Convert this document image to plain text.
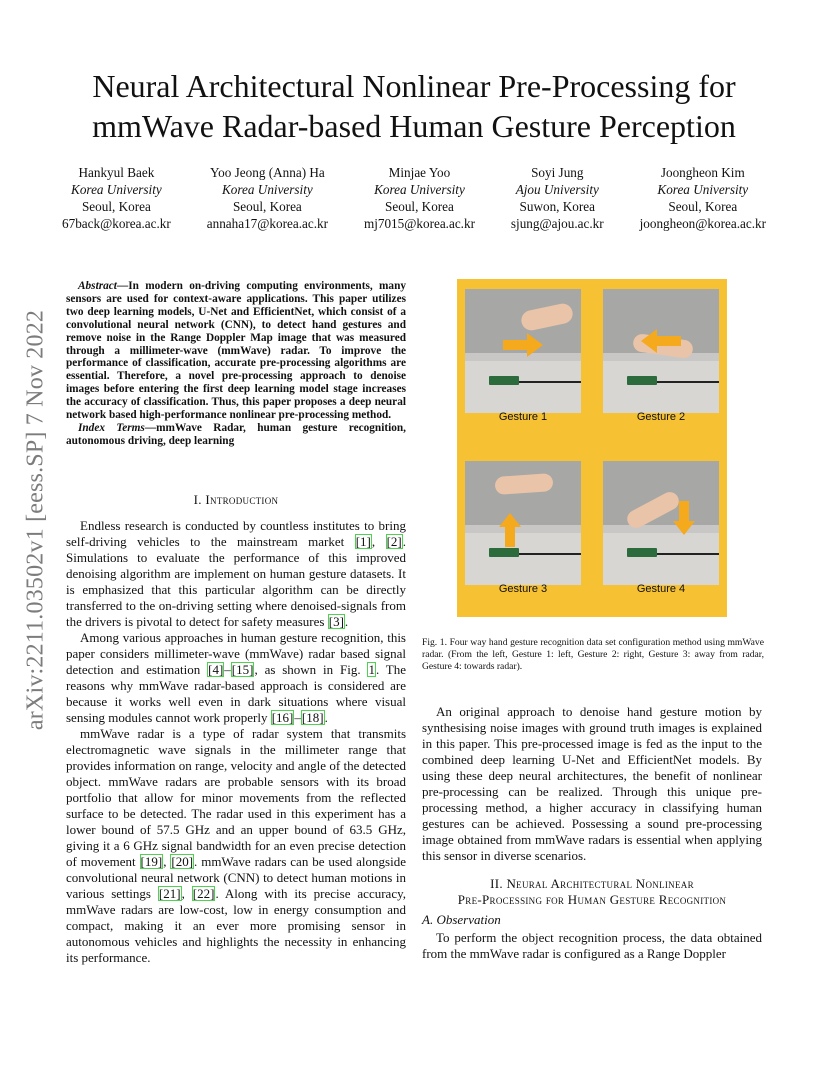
arXiv:2211.03502v1 [eess.SP] 7 Nov 2022
Neural Architectural Nonlinear Pre-Processing for
mmWave Radar-based Human Gesture Perception
Hankyul Baek
Korea University
Seoul, Korea
67back@korea.ac.kr
Yoo Jeong (Anna) Ha
Korea University
Seoul, Korea
annaha17@korea.ac.kr
Minjae Yoo
Korea University
Seoul, Korea
mj7015@korea.ac.kr
Soyi Jung
Ajou University
Suwon, Korea
sjung@ajou.ac.kr
Joongheon Kim
Korea University
Seoul, Korea
joongheon@korea.ac.kr

Abstract—In modern on-driving computing environments, many sensors are used for context-aware applications. This paper utilizes two deep learning models, U-Net and EfficientNet, which consist of a convolutional neural network (CNN), to detect hand gestures and remove noise in the Range Doppler Map image that was measured through a millimeter-wave (mmWave) radar. To improve the performance of classification, accurate pre-processing algorithms are essential. Therefore, a novel pre-processing approach to denoise images before entering the first deep learning model stage increases the accuracy of classification. Thus, this paper proposes a deep neural network based high-performance nonlinear pre-processing method.

Index Terms—mmWave Radar, human gesture recognition, autonomous driving, deep learning

I. Introduction

Endless research is conducted by countless institutes to bring self-driving vehicles to the mainstream market [1], [2]. Simulations to evaluate the performance of this improved denoising algorithm are implement on human gesture datasets. It is emphasized that this particular algorithm can be directly transferred to the on-driving setting where denoised-signals from the drivers is pivotal to detect for safety measures [3].

Among various approaches in human gesture recognition, this paper considers millimeter-wave (mmWave) radar based signal detection and estimation [4]–[15], as shown in Fig. 1. The reasons why mmWave radar-based approach is considered are because it works well even in dark situations where visual sensing modules cannot work properly [16]–[18].

mmWave radar is a type of radar system that transmits electromagnetic wave signals in the millimeter range that provides information on range, velocity and angle of the detected object. mmWave radars are probable sensors with its broad portfolio that allow for minor movements from the reflected surface to be detected. The radar used in this experiment has a lower bound of 57.5 GHz and an upper bound of 63.5 GHz, giving it a 6 GHz signal bandwidth for an even precise detection of movement [19], [20]. mmWave radars can be used alongside convolutional neural network (CNN) to detect human motions in various settings [21], [22]. Along with its precise accuracy, mmWave radars are low-cost, low in energy consumption and compact, making it an ever more promising sensor in autonomous vehicles and highlights the necessity in enhancing its performance.

Gesture 1	Gesture 2
Gesture 3	Gesture 4
Fig. 1. Four way hand gesture recognition data set configuration method using mmWave radar. (From the left, Gesture 1: left, Gesture 2: right, Gesture 3: away from radar, Gesture 4: towards radar).

An original approach to denoise hand gesture motion by synthesising noise images with ground truth images is explained in this paper. This pre-processed image is fed as the input to the combined deep learning U-Net and EfficientNet models. By using these deep neural architectures, the benefit of nonlinear pre-processing can be realized. Through this unique pre-processing method, a higher accuracy in classifying human gestures can be achieved. Possessing a sound pre-processing image obtained from mmWave radars is essential when applying this sensor in diverse scenarios.

II. Neural Architectural Nonlinear

Pre-Processing for Human Gesture Recognition

A. Observation

To perform the object recognition process, the data obtained from the mmWave radar is configured as a Range Doppler
